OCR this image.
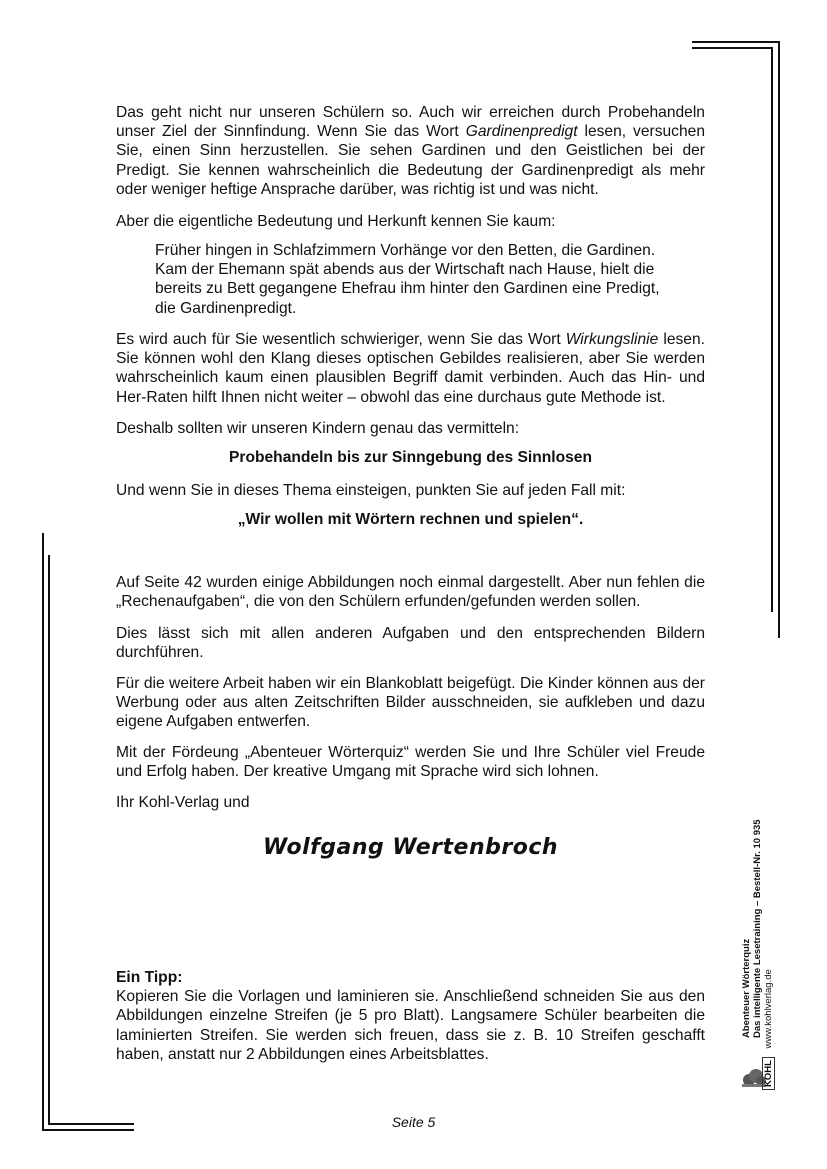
Das geht nicht nur unseren Schülern so. Auch wir erreichen durch Probehandeln unser Ziel der Sinnfindung. Wenn Sie das Wort Gardinenpredigt lesen, versuchen Sie, einen Sinn herzustellen. Sie sehen Gardinen und den Geistlichen bei der Predigt. Sie kennen wahrscheinlich die Bedeutung der Gardinenpredigt als mehr oder weniger heftige Ansprache darüber, was richtig ist und was nicht.

Aber die eigentliche Bedeutung und Herkunft kennen Sie kaum:

Früher hingen in Schlafzimmern Vorhänge vor den Betten, die Gardinen.
Kam der Ehemann spät abends aus der Wirtschaft nach Hause, hielt die
bereits zu Bett gegangene Ehefrau ihm hinter den Gardinen eine Predigt,
die Gardinenpredigt.

Es wird auch für Sie wesentlich schwieriger, wenn Sie das Wort Wirkungslinie lesen. Sie können wohl den Klang dieses optischen Gebildes realisieren, aber Sie werden wahrscheinlich kaum einen plausiblen Begriff damit verbinden. Auch das Hin- und Her-Raten hilft Ihnen nicht weiter – obwohl das eine durchaus gute Methode ist.

Deshalb sollten wir unseren Kindern genau das vermitteln:

Probehandeln bis zur Sinngebung des Sinnlosen

Und wenn Sie in dieses Thema einsteigen, punkten Sie auf jeden Fall mit:

„Wir wollen mit Wörtern rechnen und spielen“.

Auf Seite 42 wurden einige Abbildungen noch einmal dargestellt. Aber nun fehlen die „Rechenaufgaben“, die von den Schülern erfunden/gefunden werden sollen.

Dies lässt sich mit allen anderen Aufgaben und den entsprechenden Bildern durchführen.

Für die weitere Arbeit haben wir ein Blankoblatt beigefügt. Die Kinder können aus der Werbung oder aus alten Zeitschriften Bilder ausschneiden, sie aufkleben und dazu eigene Aufgaben entwerfen.

Mit der Fördeung „Abenteuer Wörterquiz“ werden Sie und Ihre Schüler viel Freude und Erfolg haben. Der kreative Umgang mit Sprache wird sich lohnen.

Ihr Kohl-Verlag und

Wolfgang Wertenbroch
Ein Tipp:
Kopieren Sie die Vorlagen und laminieren sie. Anschließend schneiden Sie aus den Abbildungen einzelne Streifen (je 5 pro Blatt). Langsamere Schüler bearbeiten die laminierten Streifen. Sie werden sich freuen, dass sie z. B. 10 Streifen geschafft haben, anstatt nur 2 Abbildungen eines Arbeitsblattes.
Seite 5
Abenteuer Wörterquiz Das intelligente Lesetraining – Bestell-Nr. 10 935
KOHL www.kohlverlag.de
